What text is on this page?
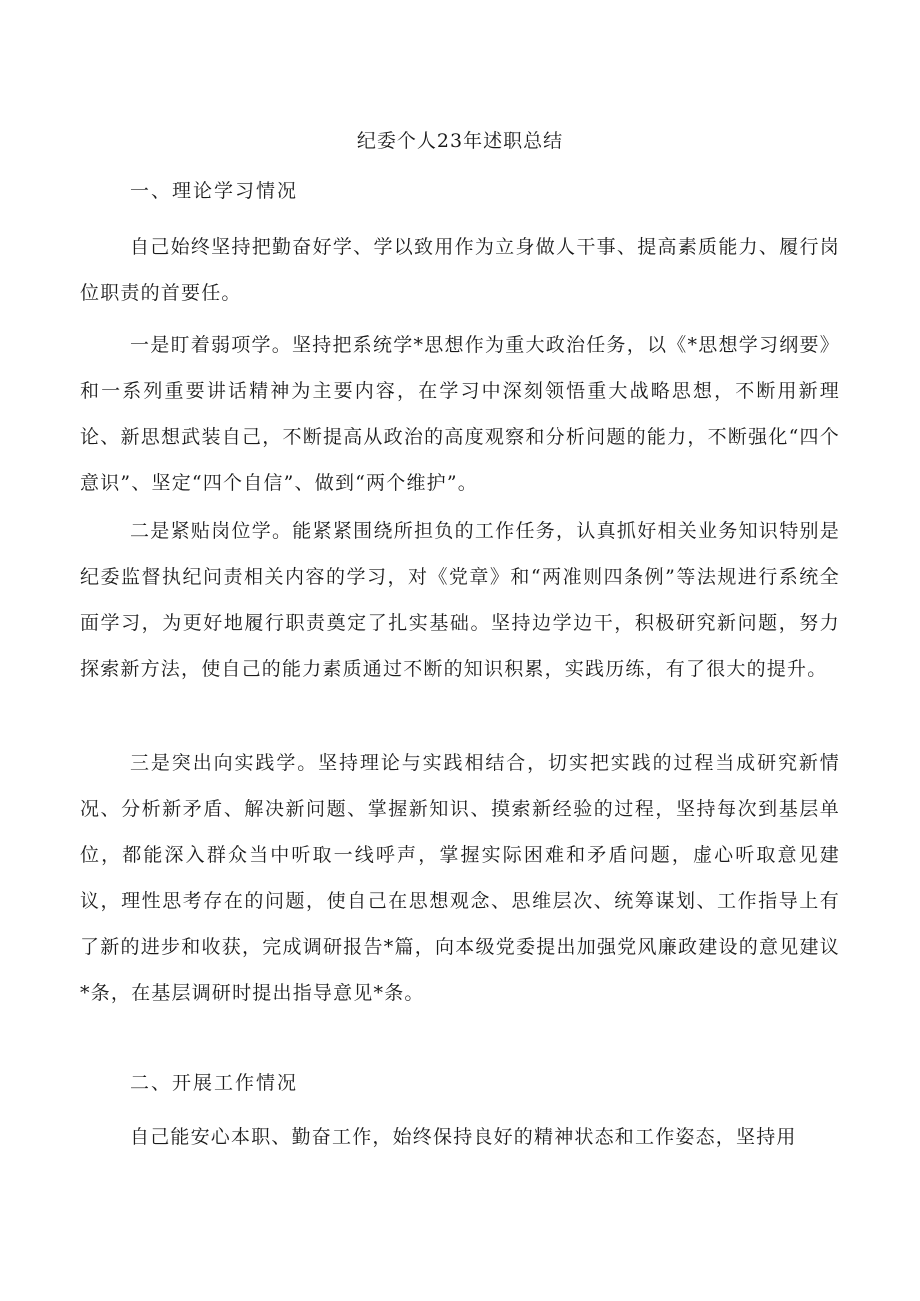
纪委个人23年述职总结
一、理论学习情况

自己始终坚持把勤奋好学、学以致用作为立身做人干事、提高素质能力、履行岗位职责的首要任。

一是盯着弱项学。坚持把系统学*思想作为重大政治任务，以《*思想学习纲要》和一系列重要讲话精神为主要内容，在学习中深刻领悟重大战略思想，不断用新理论、新思想武装自己，不断提高从政治的高度观察和分析问题的能力，不断强化“四个意识”、坚定“四个自信”、做到“两个维护”。

二是紧贴岗位学。能紧紧围绕所担负的工作任务，认真抓好相关业务知识特别是纪委监督执纪问责相关内容的学习，对《党章》和“两准则四条例”等法规进行系统全面学习，为更好地履行职责奠定了扎实基础。坚持边学边干，积极研究新问题，努力探索新方法，使自己的能力素质通过不断的知识积累，实践历练，有了很大的提升。

三是突出向实践学。坚持理论与实践相结合，切实把实践的过程当成研究新情况、分析新矛盾、解决新问题、掌握新知识、摸索新经验的过程，坚持每次到基层单位，都能深入群众当中听取一线呼声，掌握实际困难和矛盾问题，虚心听取意见建议，理性思考存在的问题，使自己在思想观念、思维层次、统筹谋划、工作指导上有了新的进步和收获，完成调研报告*篇，向本级党委提出加强党风廉政建设的意见建议*条，在基层调研时提出指导意见*条。

二、开展工作情况

自己能安心本职、勤奋工作，始终保持良好的精神状态和工作姿态，坚持用
